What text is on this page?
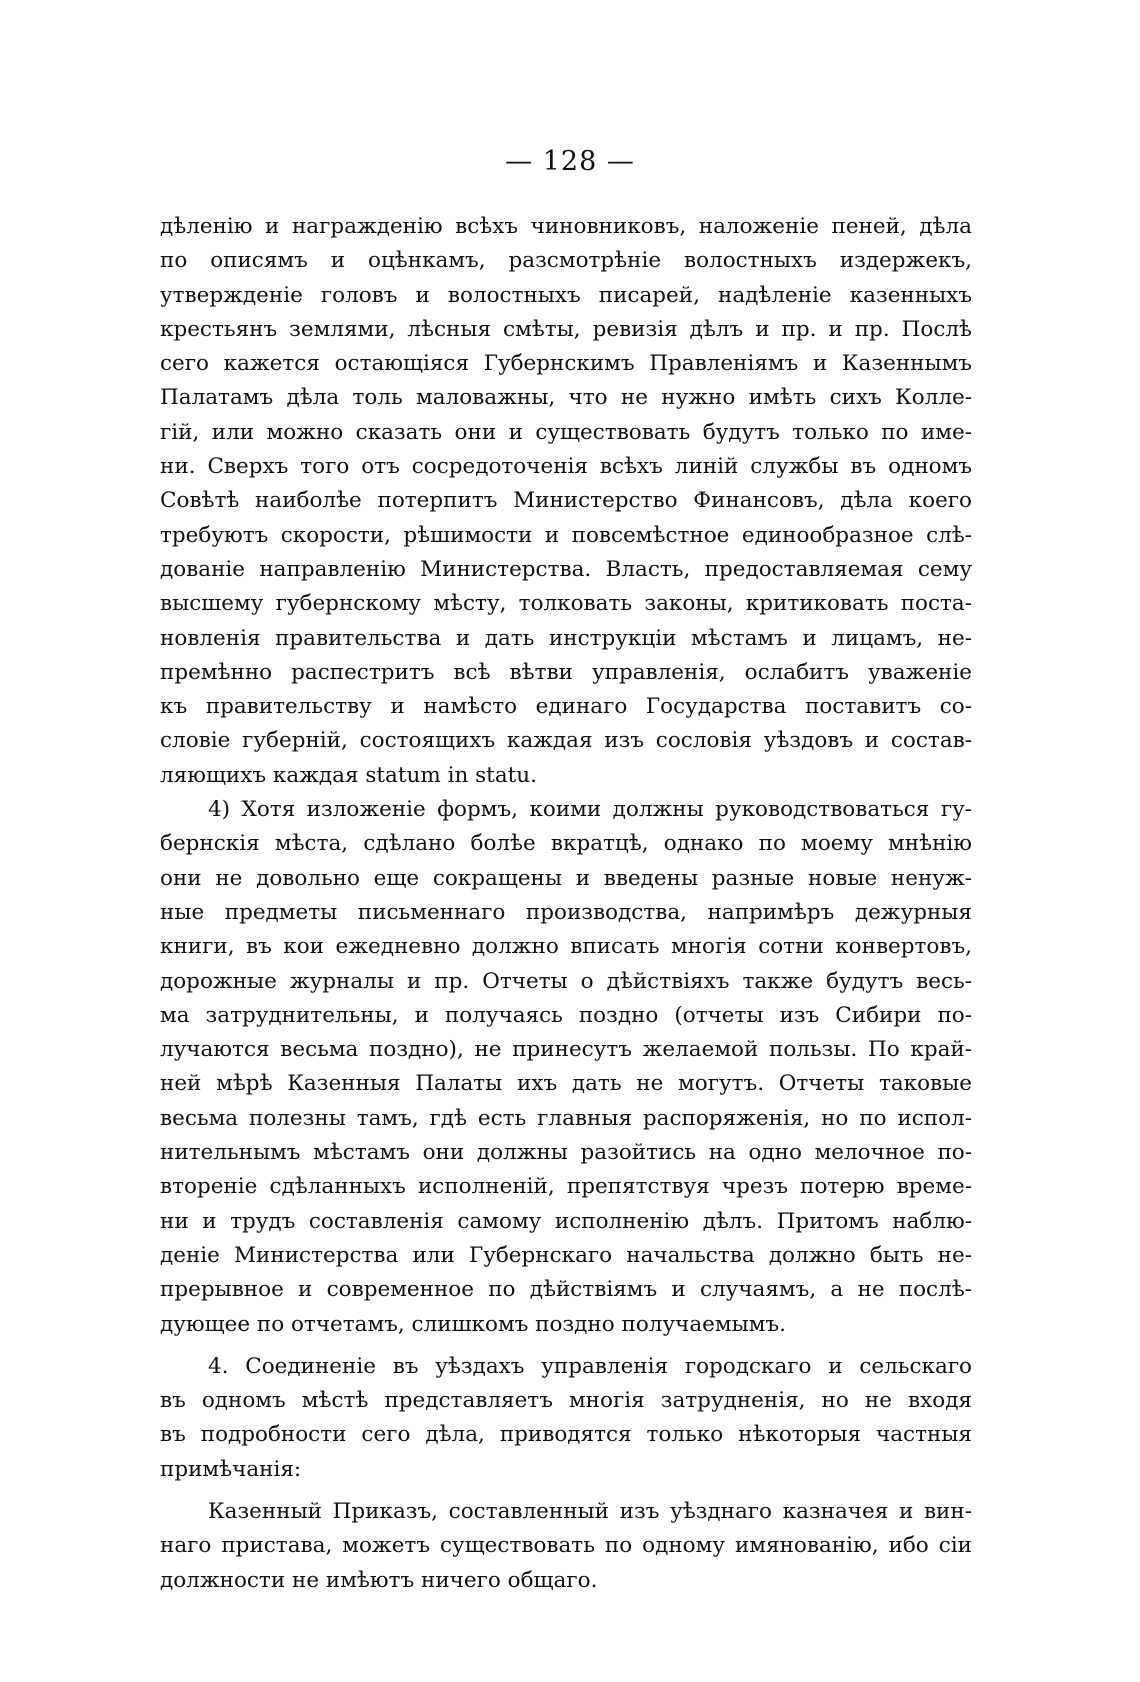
— 128 —
дѣленію и награжденію всѣхъ чиновниковъ, наложеніе пеней, дѣла
по описямъ и оцѣнкамъ, разсмотрѣніе волостныхъ издержекъ,
утвержденіе головъ и волостныхъ писарей, надѣленіе казенныхъ
крестьянъ землями, лѣсныя смѣты, ревизія дѣлъ и пр. и пр. Послѣ
сего кажется остающіяся Губернскимъ Правленіямъ и Казеннымъ
Палатамъ дѣла толь маловажны, что не нужно имѣть сихъ Колле-
гій, или можно сказать они и существовать будутъ только по име-
ни. Сверхъ того отъ сосредоточенія всѣхъ линій службы въ одномъ
Совѣтѣ наиболѣе потерпитъ Министерство Финансовъ, дѣла коего
требуютъ скорости, рѣшимости и повсемѣстное единообразное слѣ-
дованіе направленію Министерства. Власть, предоставляемая сему
высшему губернскому мѣсту, толковать законы, критиковать поста-
новленія правительства и дать инструкціи мѣстамъ и лицамъ, не-
премѣнно распестритъ всѣ вѣтви управленія, ослабитъ уваженіе
къ правительству и намѣсто единаго Государства поставитъ со-
словіе губерній, состоящихъ каждая изъ сословія уѣздовъ и состав-
ляющихъ каждая statum in statu.
4) Хотя изложеніе формъ, коими должны руководствоваться гу-
бернскія мѣста, сдѣлано болѣе вкратцѣ, однако по моему мнѣнію
они не довольно еще сокращены и введены разные новые ненуж-
ные предметы письменнаго производства, напримѣръ дежурныя
книги, въ кои ежедневно должно вписать многія сотни конвертовъ,
дорожные журналы и пр. Отчеты о дѣйствіяхъ также будутъ весь-
ма затруднительны, и получаясь поздно (отчеты изъ Сибири по-
лучаются весьма поздно), не принесутъ желаемой пользы. По край-
ней мѣрѣ Казенныя Палаты ихъ дать не могутъ. Отчеты таковые
весьма полезны тамъ, гдѣ есть главныя распоряженія, но по испол-
нительнымъ мѣстамъ они должны разойтись на одно мелочное по-
втореніе сдѣланныхъ исполненій, препятствуя чрезъ потерю време-
ни и трудъ составленія самому исполненію дѣлъ. Притомъ наблю-
деніе Министерства или Губернскаго начальства должно быть не-
прерывное и современное по дѣйствіямъ и случаямъ, а не послѣ-
дующее по отчетамъ, слишкомъ поздно получаемымъ.
4. Соединеніе въ уѣздахъ управленія городскаго и сельскаго
въ одномъ мѣстѣ представляетъ многія затрудненія, но не входя
въ подробности сего дѣла, приводятся только нѣкоторыя частныя
примѣчанія:
Казенный Приказъ, составленный изъ уѣзднаго казначея и вин-
наго пристава, можетъ существовать по одному имянованію, ибо сіи
должности не имѣютъ ничего общаго.
